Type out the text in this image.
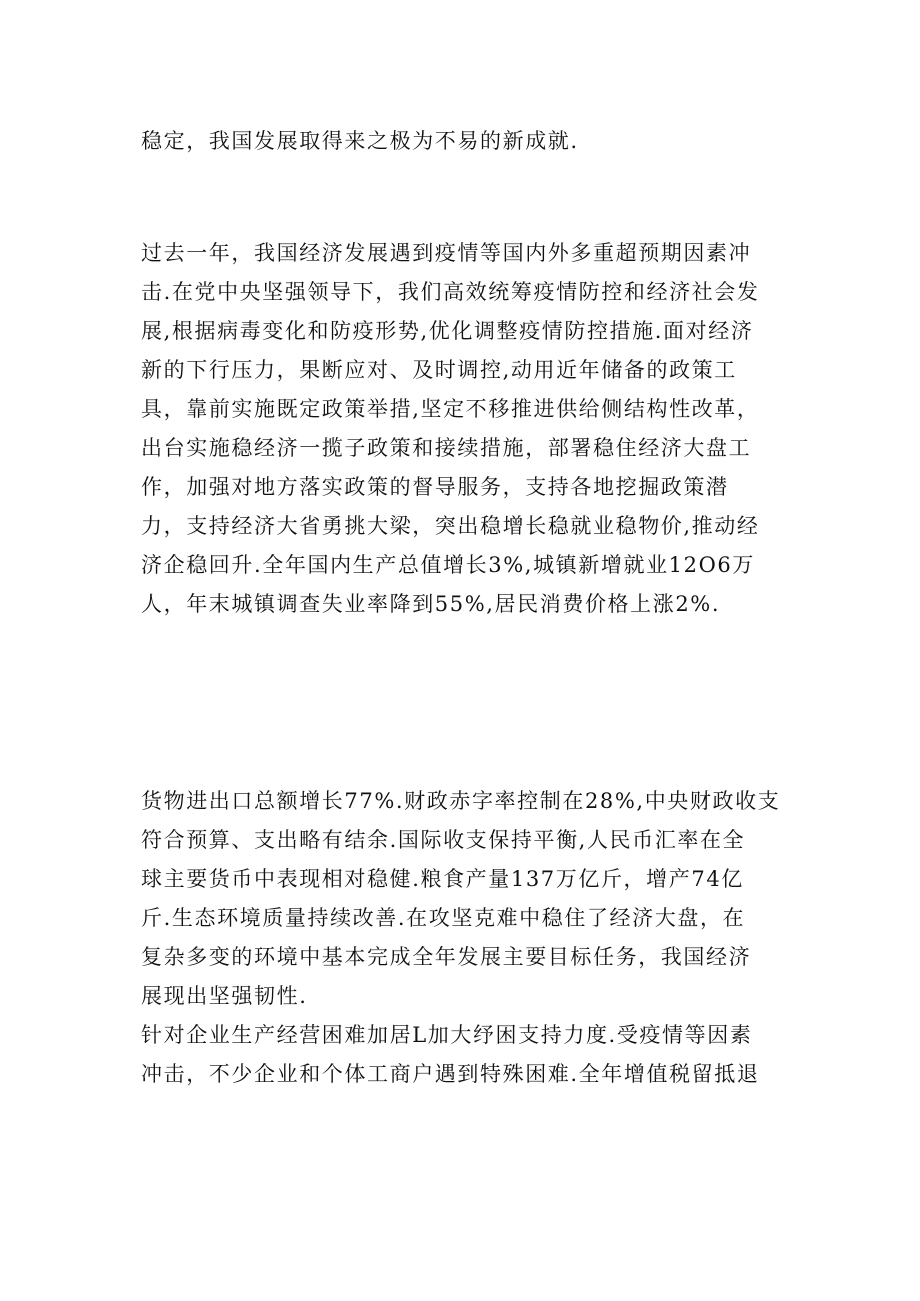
稳定，我国发展取得来之极为不易的新成就.
过去一年，我国经济发展遇到疫情等国内外多重超预期因素冲
击.在党中央坚强领导下，我们高效统筹疫情防控和经济社会发
展,根据病毒变化和防疫形势,优化调整疫情防控措施.面对经济
新的下行压力，果断应对、及时调控,动用近年储备的政策工
具，靠前实施既定政策举措,坚定不移推进供给侧结构性改革，
出台实施稳经济一揽子政策和接续措施，部署稳住经济大盘工
作，加强对地方落实政策的督导服务，支持各地挖掘政策潜
力，支持经济大省勇挑大梁，突出稳增长稳就业稳物价,推动经
济企稳回升.全年国内生产总值增长3%,城镇新增就业12O6万
人，年末城镇调查失业率降到55%,居民消费价格上涨2%.
货物进出口总额增长77%.财政赤字率控制在28%,中央财政收支
符合预算、支出略有结余.国际收支保持平衡,人民币汇率在全
球主要货币中表现相对稳健.粮食产量137万亿斤，增产74亿
斤.生态环境质量持续改善.在攻坚克难中稳住了经济大盘，在
复杂多变的环境中基本完成全年发展主要目标任务，我国经济
展现出坚强韧性.
针对企业生产经营困难加居L加大纾困支持力度.受疫情等因素
冲击，不少企业和个体工商户遇到特殊困难.全年增值税留抵退
